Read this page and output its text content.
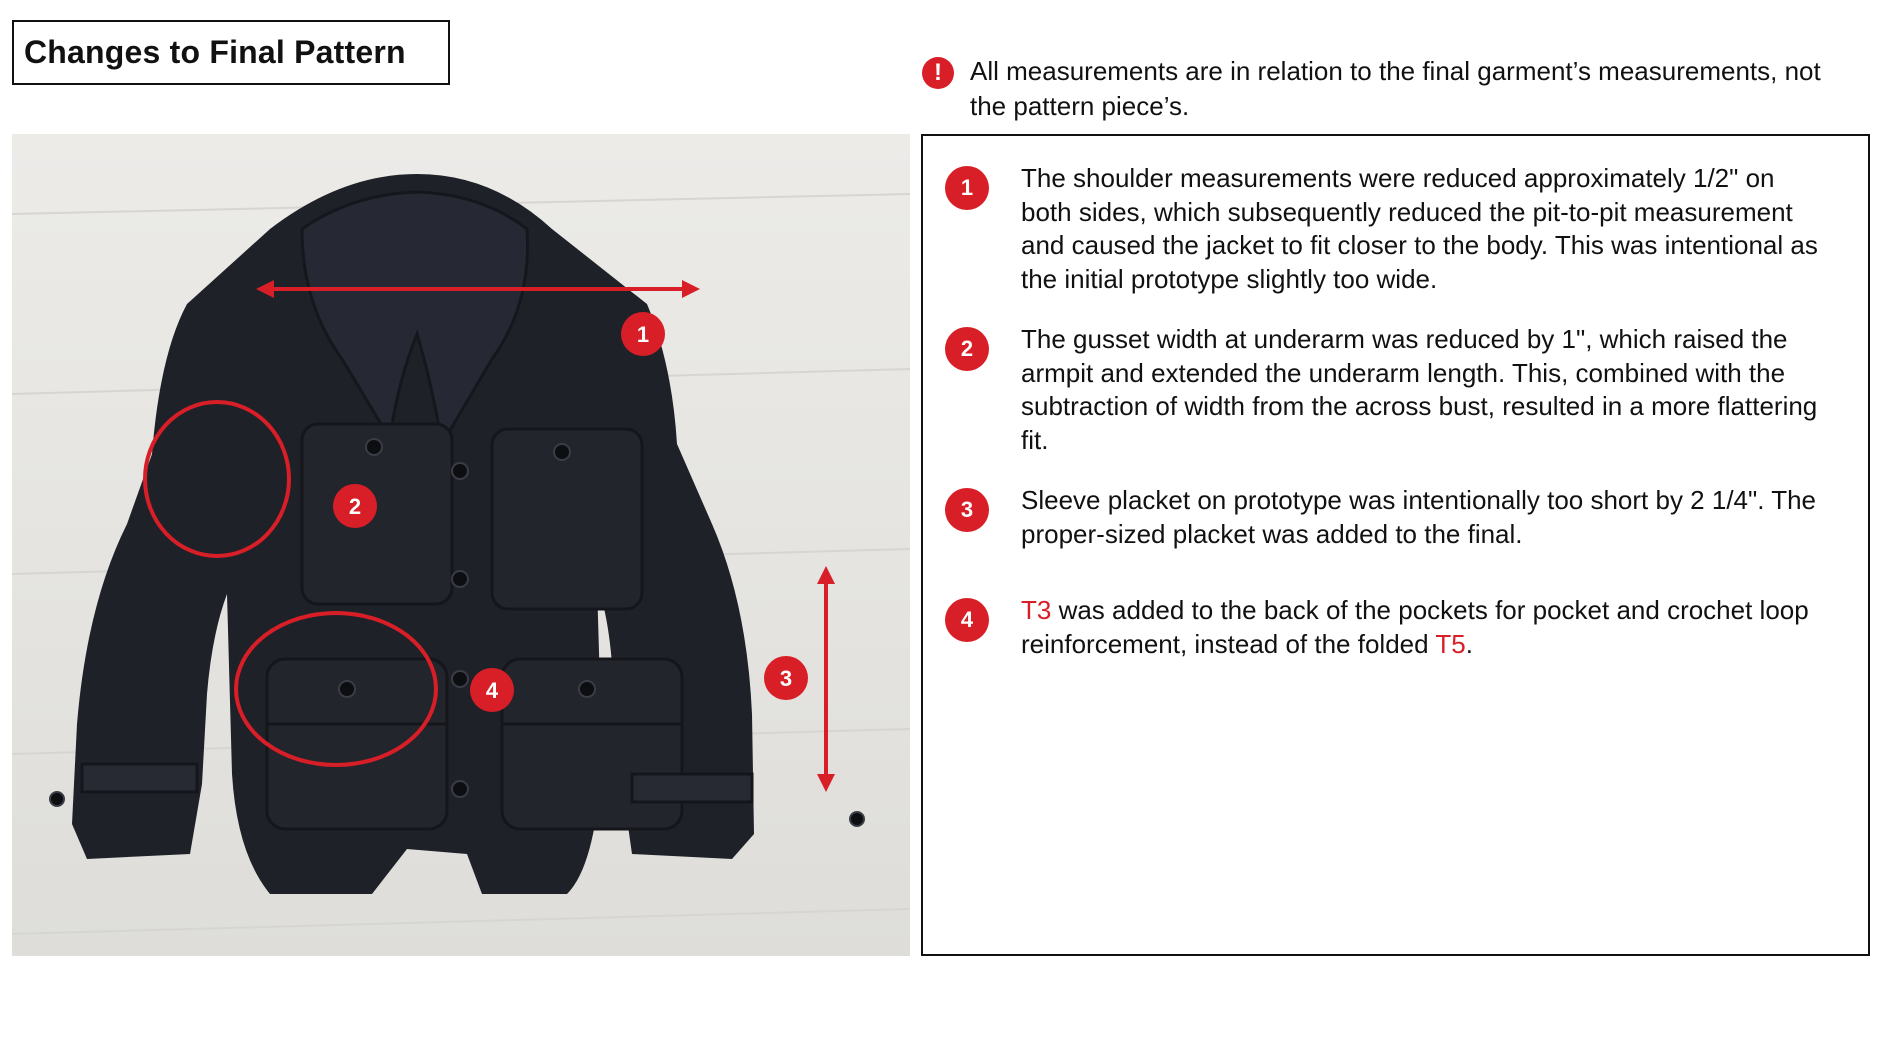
Changes to Final Pattern
!	All measurements are in relation to the final garment’s measurements, not the pattern piece’s.
1
2
3
4
1	The shoulder measurements were reduced approximately 1/2" on both sides, which subsequently reduced the pit-to-pit measurement and caused the jacket to fit closer to the body. This was intentional as the initial prototype slightly too wide.
2	The gusset width at underarm was reduced by 1", which raised the armpit and extended the underarm length. This, combined with the subtraction of width from the across bust, resulted in a more flattering fit.
3	Sleeve placket on prototype was intentionally too short by 2 1/4". The proper-sized placket was added to the final.
4	T3 was added to the back of the pockets for pocket and crochet loop reinforcement, instead of the folded T5.
